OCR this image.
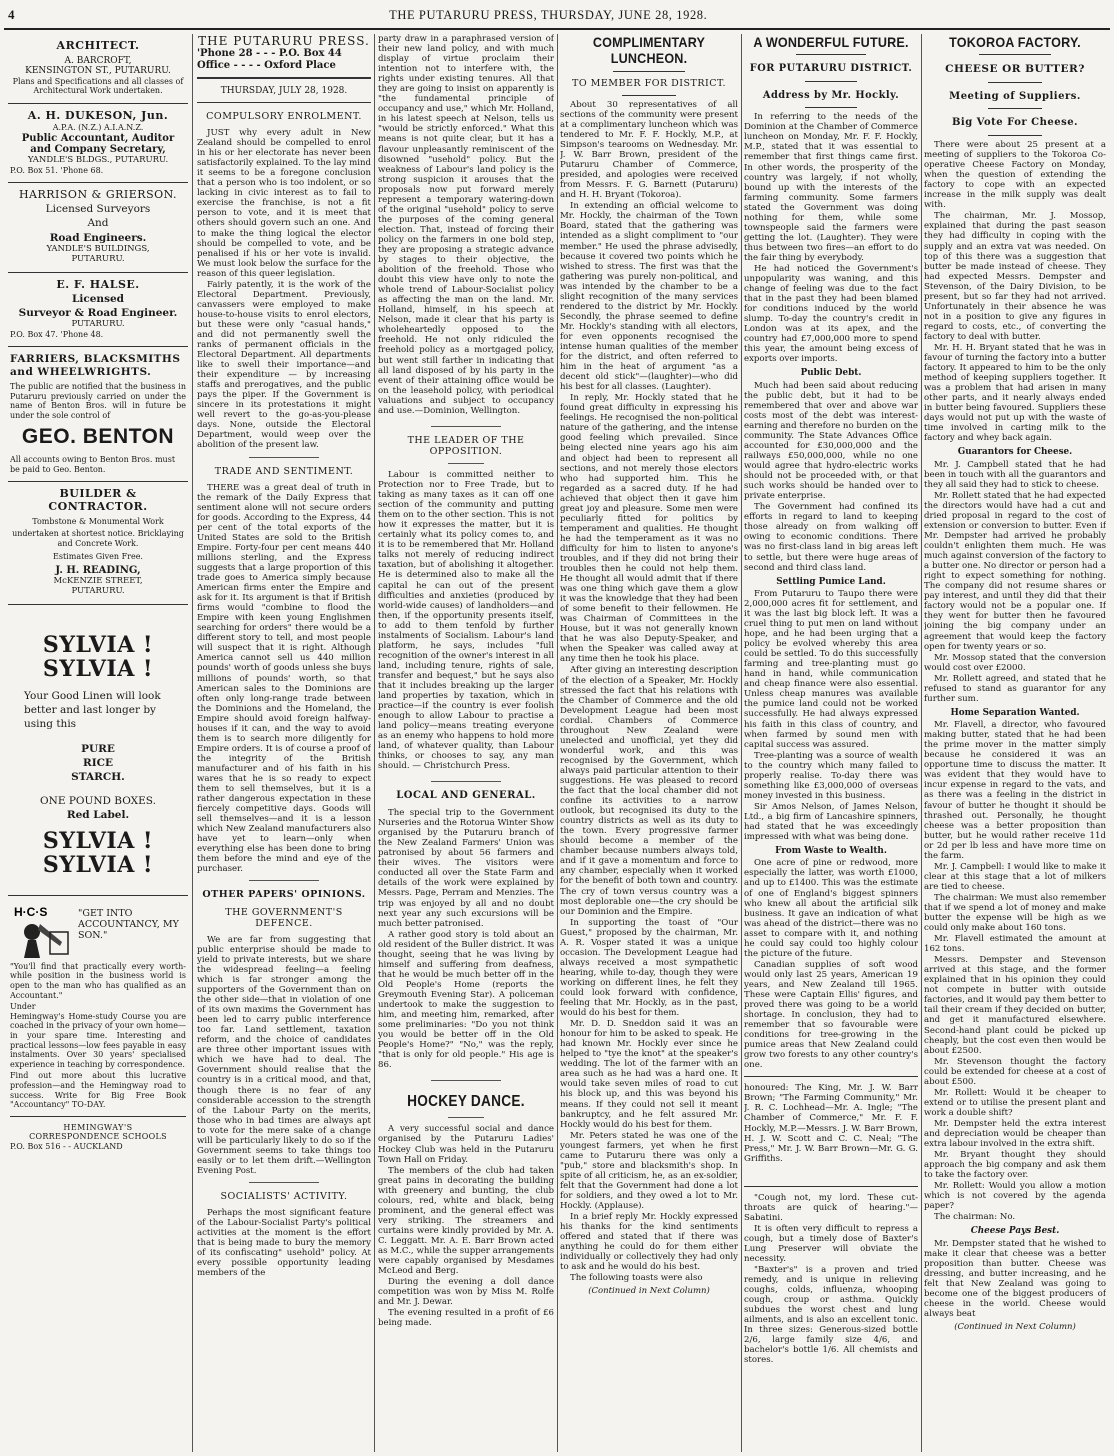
4	THE PUTARURU PRESS, THURSDAY, JUNE 28, 1928.
ARCHITECT.
A. BARCROFT,
KENSINGTON ST., PUTARURU.
Plans and Specifications and all classes of Architectural Work undertaken.
A. H. DUKESON, Jun.
A.P.A. (N.Z.) A.I.A.N.Z.
Public Accountant, Auditor
and Company Secretary,
YANDLE'S BLDGS., PUTARURU.
P.O. Box 51. 'Phone 68.
HARRISON & GRIERSON.
Licensed Surveyors
And
Road Engineers.
YANDLE'S BUILDINGS,
PUTARURU.
E. F. HALSE.
Licensed
Surveyor & Road Engineer.
PUTARURU.
P.O. Box 47. 'Phone 48.
FARRIERS, BLACKSMITHS and WHEELWRIGHTS.
The public are notified that the business in Putaruru previously carried on under the name of Benton Bros. will in future be under the sole control of
GEO. BENTON
All accounts owing to Benton Bros. must be paid to Geo. Benton.
BUILDER & CONTRACTOR.
Tombstone & Monumental Work
undertaken at shortest notice. Bricklaying and Concrete Work.
Estimates Given Free.
J. H. READING,
McKENZIE STREET,
PUTARURU.
SYLVIA !
SYLVIA !
Your Good Linen will look better and last longer by using this
PURE
RICE
STARCH.
ONE POUND BOXES.
Red Label.
SYLVIA !
SYLVIA !
H·C·S	"GET INTO ACCOUNTANCY, MY SON."
"You'll find that practically every worth-while position in the business world is open to the man who has qualified as an Accountant."
Under
Hemingway's Home-study Course you are coached in the privacy of your own home—in your spare time. Interesting and practical lessons—low fees payable in easy instalments. Over 30 years' specialised experience in teaching by correspondence.
Find out more about this lucrative profession—and the Hemingway road to success. Write for Big Free Book "Accountancy" TO-DAY.
HEMINGWAY'S
CORRESPONDENCE SCHOOLS
P.O. Box 516 - - AUCKLAND
THE PUTARURU PRESS.
'Phone 28 - - - P.O. Box 44
Office - - - - Oxford Place
THURSDAY, JULY 28, 1928.
COMPULSORY ENROLMENT.

JUST why every adult in New Zealand should be compelled to enrol in his or her electorate has never been satisfactorily explained. To the lay mind it seems to be a foregone conclusion that a person who is too indolent, or so lacking in civic interest as to fail to exercise the franchise, is not a fit person to vote, and it is meet that others should govern such an one. And to make the thing logical the elector should be compelled to vote, and be penalised if his or her vote is invalid. We must look below the surface for the reason of this queer legislation.

Fairly patently, it is the work of the Electoral Department. Previously, canvassers were employed to make house-to-house visits to enrol electors, but these were only "casual hands," and did not permanently swell the ranks of permanent officials in the Electoral Department. All departments like to swell their importance—and their expenditure — by increasing staffs and prerogatives, and the public pays the piper. If the Government is sincere in its protestations it might well revert to the go-as-you-please days. None, outside the Electoral Department, would weep over the abolition of the present law.

TRADE AND SENTIMENT.

THERE was a great deal of truth in the remark of the Daily Express that sentiment alone will not secure orders for goods. According to the Express, 44 per cent of the total exports of the United States are sold to the British Empire. Forty-four per cent means 440 millions sterling, and the Express suggests that a large proportion of this trade goes to America simply because American firms enter the Empire and ask for it. Its argument is that if British firms would "combine to flood the Empire with keen young Englishmen searching for orders" there would be a different story to tell, and most people will suspect that it is right. Although America cannot sell us 440 million pounds' worth of goods unless she buys millions of pounds' worth, so that American sales to the Dominions are often only long-range trade between the Dominions and the Homeland, the Empire should avoid foreign halfway-houses if it can, and the way to avoid them is to search more diligently for Empire orders. It is of course a proof of the integrity of the British manufacturer and of his faith in his wares that he is so ready to expect them to sell themselves, but it is a rather dangerous expectation in these fiercely competitive days. Goods will sell themselves—and it is a lesson which New Zealand manufacturers also have yet to learn—only when everything else has been done to bring them before the mind and eye of the purchaser.

OTHER PAPERS' OPINIONS.
THE GOVERNMENT'S DEFENCE.

We are far from suggesting that public enterprise should be made to yield to private interests, but we share the widespread feeling—a feeling which is far stronger among the supporters of the Government than on the other side—that in violation of one of its own maxims the Government has been led to carry public interference too far. Land settlement, taxation reform, and the choice of candidates are three other important issues with which we have had to deal. The Government should realise that the country is in a critical mood, and that, though there is no fear of any considerable accession to the strength of the Labour Party on the merits, those who in bad times are always apt to vote for the mere sake of a change will be particularly likely to do so if the Government seems to take things too easily or to let them drift.—Wellington Evening Post.

SOCIALISTS' ACTIVITY.

Perhaps the most significant feature of the Labour-Socialist Party's political activities at the moment is the effort that is being made to bury the memory of its confiscating" usehold" policy. At every possible opportunity leading members of the

party draw in a paraphrased version of their new land policy, and with much display of virtue proclaim their intention not to interfere with, the rights under existing tenures. All that they are going to insist on apparently is "the fundamental principle of occupancy and use," which Mr. Holland, in his latest speech at Nelson, tells us "would be strictly enforced." What this means is not quite clear, but it has a flavour unpleasantly reminiscent of the disowned "usehold" policy. But the weakness of Labour's land policy is the strong suspicion it arouses that the proposals now put forward merely represent a temporary watering-down of the original "usehold" policy to serve the purposes of the coming general election. That, instead of forcing their policy on the farmers in one bold step, they are proposing a strategic advance by stages to their objective, the abolition of the freehold. Those who doubt this view have only to note the whole trend of Labour-Socialist policy as affecting the man on the land. Mr. Holland, himself, in his speech at Nelson, made it clear that his party is wholeheartedly opposed to the freehold. He not only ridiculed the freehold policy as a mortgaged policy, but went still farther in indicating that all land disposed of by his party in the event of their attaining office would be on the leasehold policy, with periodical valuations and subject to occupancy and use.—Dominion, Wellington.

THE LEADER OF THE OPPOSITION.

Labour is committed neither to Protection nor to Free Trade, but to taking as many taxes as it can off one section of the community and putting them on to the other section. This is not how it expresses the matter, but it is certainly what its policy comes to, and it is to be remembered that Mr. Holland talks not merely of reducing indirect taxation, but of abolishing it altogether. He is determined also to make all the capital he can out of the present difficulties and anxieties (produced by world-wide causes) of landholders—and then, if the opportunity presents itself, to add to them tenfold by further instalments of Socialism. Labour's land platform, he says, includes "full recognition of the owner's interest in all land, including tenure, rights of sale, transfer and bequest," but he says also that it includes breaking up the larger land properties by taxation, which in practice—if the country is ever foolish enough to allow Labour to practise a land policy—means treating everyone as an enemy who happens to hold more land, of whatever quality, than Labour thinks, or chooses to say, any man should. — Christchurch Press.

LOCAL AND GENERAL.

The special trip to the Government Nurseries and the Rotorua Winter Show organised by the Putaruru branch of the New Zealand Farmers' Union was patronised by about 56 farmers and their wives. The visitors were conducted all over the State Farm and details of the work were explained by Messrs. Page, Perram and Menzies. The trip was enjoyed by all and no doubt next year any such excursions will be much better patronised.

A rather good story is told about an old resident of the Buller district. It was thought, seeing that he was living by himself and suffering from deafness, that he would be much better off in the Old People's Home (reports the Greymouth Evening Star). A policeman undertook to make the suggestion to him, and meeting him, remarked, after some preliminaries: "Do you not think you would be better off in the Old People's Home?" "No," was the reply, "that is only for old people." His age is 86.

HOCKEY DANCE.

A very successful social and dance organised by the Putaruru Ladies' Hockey Club was held in the Putaruru Town Hall on Friday.

The members of the club had taken great pains in decorating the building with greenery and bunting, the club colours, red, white and black, being prominent, and the general effect was very striking. The streamers and curtains were kindly provided by Mr. A. C. Leggatt. Mr. A. E. Barr Brown acted as M.C., while the supper arrangements were capably organised by Mesdames McLeod and Berg.

During the evening a doll dance competition was won by Miss M. Rolfe and Mr. J. Dewar.

The evening resulted in a profit of £6 being made.

COMPLIMENTARY LUNCHEON.
TO MEMBER FOR DISTRICT.

About 30 representatives of all sections of the community were present at a complimentary luncheon which was tendered to Mr. F. F. Hockly, M.P., at Simpson's tearooms on Wednesday. Mr. J. W. Barr Brown, president of the Putaruru Chamber of Commerce, presided, and apologies were received from Messrs. F. G. Barnett (Putaruru) and H. H. Bryant (Tokoroa).

In extending an official welcome to Mr. Hockly, the chairman of the Town Board, stated that the gathering was intended as a slight compliment to "our member." He used the phrase advisedly, because it covered two points which he wished to stress. The first was that the gathering was purely non-political, and was intended by the chamber to be a slight recognition of the many services rendered to the district by Mr. Hockly. Secondly, the phrase seemed to define Mr. Hockly's standing with all electors, for even opponents recognised the intense human qualities of the member for the district, and often referred to him in the heat of argument "as a decent old stick"—(laughter)—who did his best for all classes. (Laughter).

In reply, Mr. Hockly stated that he found great difficulty in expressing his feelings. He recognised the non-political nature of the gathering, and the intense good feeling which prevailed. Since being elected nine years ago his aim and object had been to represent all sections, and not merely those electors who had supported him. This he regarded as a sacred duty. If he had achieved that object then it gave him great joy and pleasure. Some men were peculiarly fitted for politics by temperament and qualities. He thought he had the temperament as it was no difficulty for him to listen to anyone's troubles, and if they did not bring their troubles then he could not help them. He thought all would admit that if there was one thing which gave them a glow it was the knowledge that they had been of some benefit to their fellowmen. He was Chairman of Committees in the House, but it was not generally known that he was also Deputy-Speaker, and when the Speaker was called away at any time then he took his place.

After giving an interesting description of the election of a Speaker, Mr. Hockly stressed the fact that his relations with the Chamber of Commerce and the old Development League had been most cordial. Chambers of Commerce throughout New Zealand were unelected and unofficial, yet they did wonderful work, and this was recognised by the Government, which always paid particular attention to their suggestions. He was pleased to record the fact that the local chamber did not confine its activities to a narrow outlook, but recognised its duty to the country districts as well as its duty to the town. Every progressive farmer should become a member of the chamber because numbers always told, and if it gave a momentum and force to any chamber, especially when it worked for the benefit of both town and country. The cry of town versus country was a most deplorable one—the cry should be our Dominion and the Empire.

In supporting the toast of "Our Guest," proposed by the chairman, Mr. A. R. Vosper stated it was a unique occasion. The Development League had always received a most sympathetic hearing, while to-day, though they were working on different lines, he felt they could look forward with confidence, feeling that Mr. Hockly, as in the past, would do his best for them.

Mr. D. D. Sneddon said it was an honour for him to be asked to speak. He had known Mr. Hockly ever since he helped to "tye the knot" at the speaker's wedding. The lot of the farmer with an area such as he had was a hard one. It would take seven miles of road to cut his block up, and this was beyond his means. If they could not sell it meant bankruptcy, and he felt assured Mr. Hockly would do his best for them.

Mr. Peters stated he was one of the youngest farmers, yet when he first came to Putaruru there was only a "pub," store and blacksmith's shop. In spite of all criticism, he, as an ex-soldier, felt that the Government had done a lot for soldiers, and they owed a lot to Mr. Hockly. (Applause).

In a brief reply Mr. Hockly expressed his thanks for the kind sentiments offered and stated that if there was anything he could do for them either individually or collectively they had only to ask and he would do his best.

The following toasts were also

(Continued in Next Column)
A WONDERFUL FUTURE.
FOR PUTARURU DISTRICT.
Address by Mr. Hockly.

In referring to the needs of the Dominion at the Chamber of Commerce luncheon on Monday, Mr. F. F. Hockly, M.P., stated that it was essential to remember that first things came first. In other words, the prosperity of the country was largely, if not wholly, bound up with the interests of the farming community. Some farmers stated the Government was doing nothing for them, while some townspeople said the farmers were getting the lot. (Laughter). They were thus between two fires—an effort to do the fair thing by everybody.

He had noticed the Government's unpopularity was waning, and this change of feeling was due to the fact that in the past they had been blamed for conditions induced by the world slump. To-day the country's credit in London was at its apex, and the country had £7,000,000 more to spend this year, the amount being excess of exports over imports.

Public Debt.

Much had been said about reducing the public debt, but it had to be remembered that over and above war costs most of the debt was interest-earning and therefore no burden on the community. The State Advances Office accounted for £30,000,000 and the railways £50,000,000, while no one would agree that hydro-electric works should not be proceeded with, or that such works should be handed over to private enterprise.

The Government had confined its efforts in regard to land to keeping those already on from walking off owing to economic conditions. There was no first-class land in big areas left to settle, but there were huge areas of second and third class land.

Settling Pumice Land.

From Putaruru to Taupo there were 2,000,000 acres fit for settlement, and it was the last big block left. It was a cruel thing to put men on land without hope, and he had been urging that a policy be evolved whereby this area could be settled. To do this successfully farming and tree-planting must go hand in hand, while communication and cheap finance were also essential. Unless cheap manures was available the pumice land could not be worked successfully. He had always expressed his faith in this class of country, and when farmed by sound men with capital success was assured.

Tree-planting was a source of wealth to the country which many failed to properly realise. To-day there was something like £3,000,000 of overseas money invested in this business.

Sir Amos Nelson, of James Nelson, Ltd., a big firm of Lancashire spinners, had stated that he was exceedingly impressed with what was being done.

From Waste to Wealth.

One acre of pine or redwood, more especially the latter, was worth £1000, and up to £1400. This was the estimate of one of England's biggest spinners who knew all about the artificial silk business. It gave an indication of what was ahead of the district—there was no asset to compare with it, and nothing he could say could too highly colour the picture of the future.

Canadian supplies of soft wood would only last 25 years, American 19 years, and New Zealand till 1965. These were Captain Ellis' figures, and proved there was going to be a world shortage. In conclusion, they had to remember that so favourable were conditions for tree-growing in the pumice areas that New Zealand could grow two forests to any other country's one.

honoured: The King, Mr. J. W. Barr Brown; "The Farming Community," Mr. J. R. C. Lochhead—Mr. A. Ingle; "The Chamber of Commerce," Mr. F. F. Hockly, M.P.—Messrs. J. W. Barr Brown, H. J. W. Scott and C. C. Neal; "The Press," Mr. J. W. Barr Brown—Mr. G. G. Griffiths.

"Cough not, my lord. These cut-throats are quick of hearing."—Sabatini.

It is often very difficult to repress a cough, but a timely dose of Baxter's Lung Preserver will obviate the necessity.

"Baxter's" is a proven and tried remedy, and is unique in relieving coughs, colds, influenza, whooping cough, croup or asthma. Quickly subdues the worst chest and lung ailments, and is also an excellent tonic. In three sizes: Generous-sized bottle 2/6, large family size 4/6, and bachelor's bottle 1/6. All chemists and stores.

TOKOROA FACTORY.
CHEESE OR BUTTER?
Meeting of Suppliers.
Big Vote For Cheese.

There were about 25 present at a meeting of suppliers to the Tokoroa Co-operative Cheese Factory on Monday, when the question of extending the factory to cope with an expected increase in the milk supply was dealt with.

The chairman, Mr. J. Mossop, explained that during the past season they had difficulty in coping with the supply and an extra vat was needed. On top of this there was a suggestion that butter be made instead of cheese. They had expected Messrs. Dempster and Stevenson, of the Dairy Division, to be present, but so far they had not arrived. Unfortunately in their absence he was not in a position to give any figures in regard to costs, etc., of converting the factory to deal with butter.

Mr. H. H. Bryant stated that he was in favour of turning the factory into a butter factory. It appeared to him to be the only method of keeping suppliers together. It was a problem that had arisen in many other parts, and it nearly always ended in butter being favoured. Suppliers these days would not put up with the waste of time involved in carting milk to the factory and whey back again.

Guarantors for Cheese.

Mr. J. Campbell stated that he had been in touch with all the guarantors and they all said they had to stick to cheese.

Mr. Rollett stated that he had expected the directors would have had a cut and dried proposal in regard to the cost of extension or conversion to butter. Even if Mr. Dempster had arrived he probably couldn't enlighten them much. He was much against conversion of the factory to a butter one. No director or person had a right to expect something for nothing. The company did not resume shares or pay interest, and until they did that their factory would not be a popular one. If they went for butter then he favoured joining the big company under an agreement that would keep the factory open for twenty years or so.

Mr. Mossop stated that the conversion would cost over £2000.

Mr. Rollett agreed, and stated that he refused to stand as guarantor for any further sum.

Home Separation Wanted.

Mr. Flavell, a director, who favoured making butter, stated that he had been the prime mover in the matter simply because he considered it was an opportune time to discuss the matter. It was evident that they would have to incur expense in regard to the vats, and as there was a feeling in the district in favour of butter he thought it should be thrashed out. Personally, he thought cheese was a better proposition than butter, but he would rather receive 11d or 2d per lb less and have more time on the farm.

Mr. J. Campbell: I would like to make it clear at this stage that a lot of milkers are tied to cheese.

The chairman: We must also remember that if we spend a lot of money and make butter the expense will be high as we could only make about 160 tons.

Mr. Flavell estimated the amount at 162 tons.

Messrs. Dempster and Stevenson arrived at this stage, and the former explained that in his opinion they could not compete in butter with outside factories, and it would pay them better to tail their cream if they decided on butter, and get it manufactured elsewhere. Second-hand plant could be picked up cheaply, but the cost even then would be about £2500.

Mr. Stevenson thought the factory could be extended for cheese at a cost of about £500.

Mr. Rollett: Would it be cheaper to extend or to utilise the present plant and work a double shift?

Mr. Dempster held the extra interest and depreciation would be cheaper than extra labour involved in the extra shift.

Mr. Bryant thought they should approach the big company and ask them to take the factory over.

Mr. Rollett: Would you allow a motion which is not covered by the agenda paper?

The chairman: No.

Cheese Pays Best.

Mr. Dempster stated that he wished to make it clear that cheese was a better proposition than butter. Cheese was dressing, and butter increasing, and he felt that New Zealand was going to become one of the biggest producers of cheese in the world. Cheese would always beat

(Continued in Next Column)
